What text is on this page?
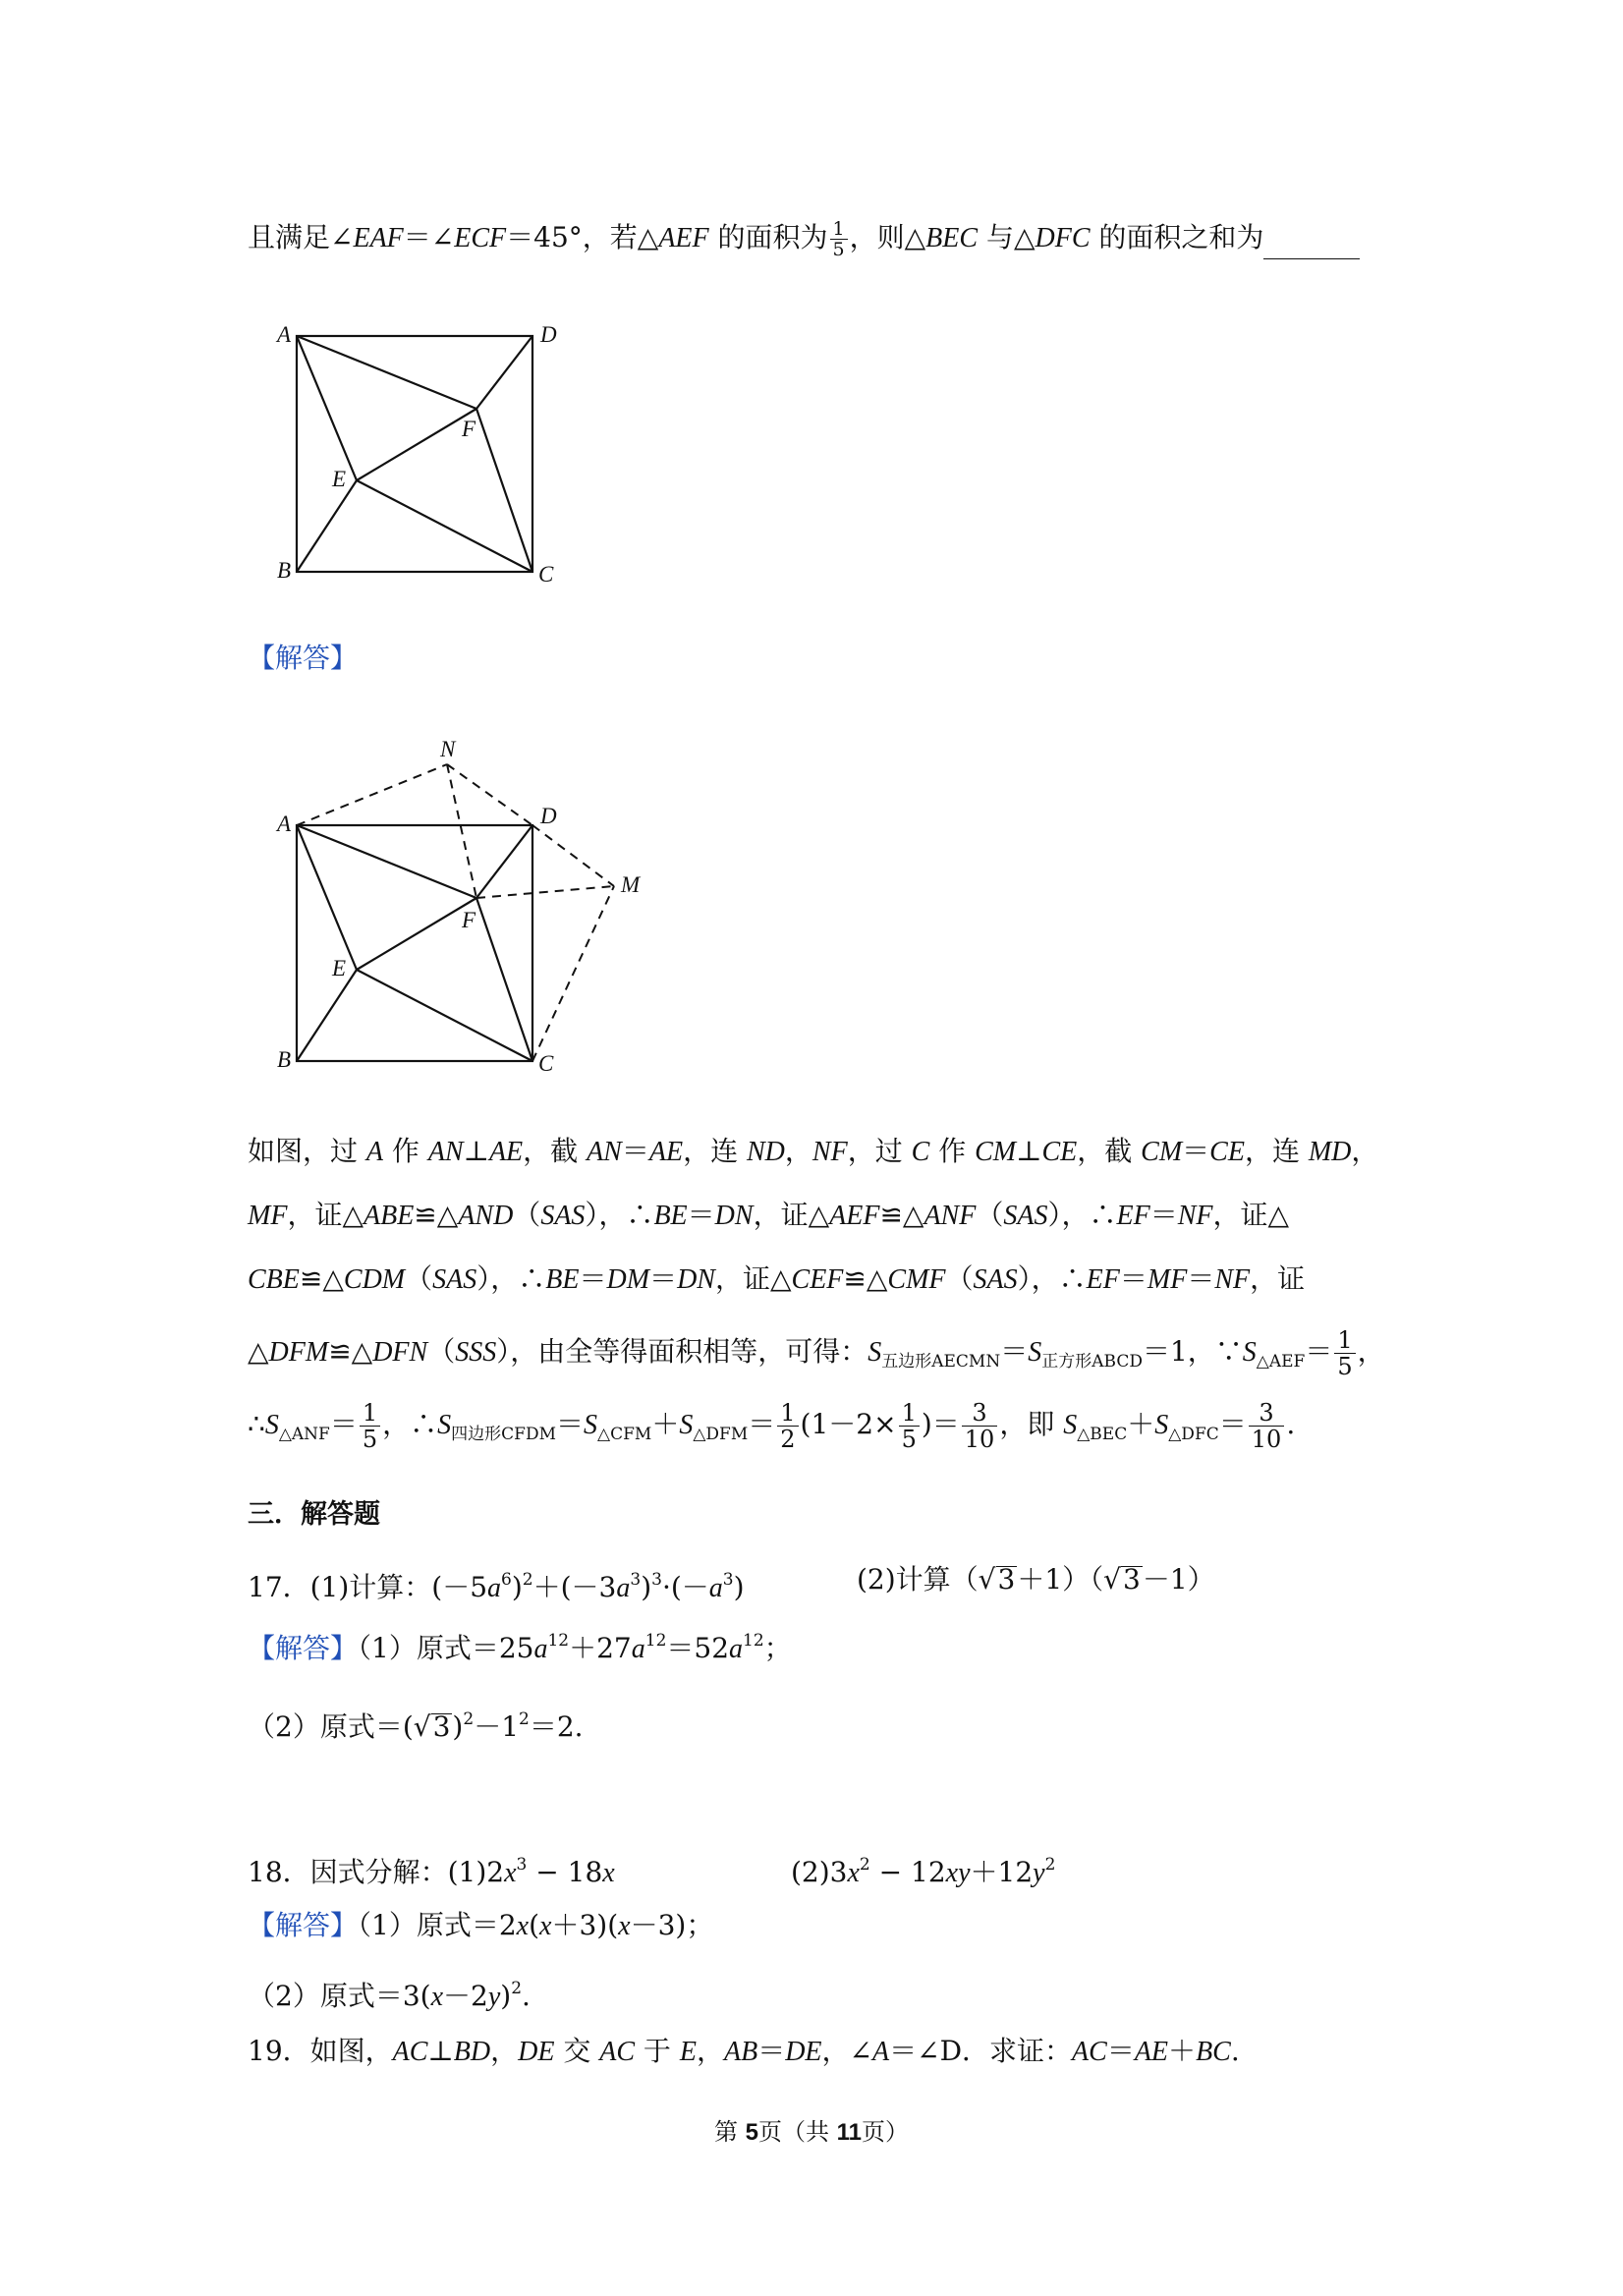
且满足∠EAF＝∠ECF＝45°，若△AEF 的面积为 $\frac{1}{5}$ ，则△BEC 与△DFC 的面积之和为
A	D
B	C
E
F
【解答】
A	D
B	C
E
F
N
M
如图，过 A 作 AN⊥AE，截 AN＝AE，连 ND，NF，过 C 作 CM⊥CE，截 CM＝CE，连 MD，
MF，证△ABE≌△AND（SAS），∴BE＝DN，证△AEF≌△ANF（SAS），∴EF＝NF，证△
CBE≌△CDM（SAS），∴BE＝DM＝DN，证△CEF≌△CMF（SAS），∴EF＝MF＝NF，证
△DFM≌△DFN（SSS），由全等得面积相等，可得：$S_{五边形AECMN}=S_{正方形ABCD}=1$，$\because S_{\triangle AEF}= \frac{1}{5}$ ，
$\therefore S_{\triangle ANF}= \frac{1}{5}$ ，$\therefore S_{四边形CFDM}=S_{\triangle CFM}+S_{\triangle DFM}= \frac{1}{2} (1-2\times \frac{1}{5}$ )＝ $\frac{3}{10}$ ，即 $S_{\triangle BEC}+S_{\triangle DFC}= \frac{3}{10}$ .
三．解答题
17．(1)计算：$(-5a^6)^2+(-3a^3)^3\cdot(-a^3)$	(2)计算（√3＋1）（√3－1）
【解答】（1）原式$=25a^{12}+27a^{12}=52a^{12}$；
（2）原式$=(√3)^2-1^2=2$.
18．因式分解：$(1)2x^3 - 18x$	$(2)3x^2 - 12xy+12y^2$
【解答】（1）原式＝2x(x＋3)(x－3)；
（2）原式$=3(x-2y)^2$.
19．如图，AC⊥BD，DE 交 AC 于 E，AB＝DE，∠A＝∠D．求证：AC＝AE＋BC.
第 5页（共 11页）
